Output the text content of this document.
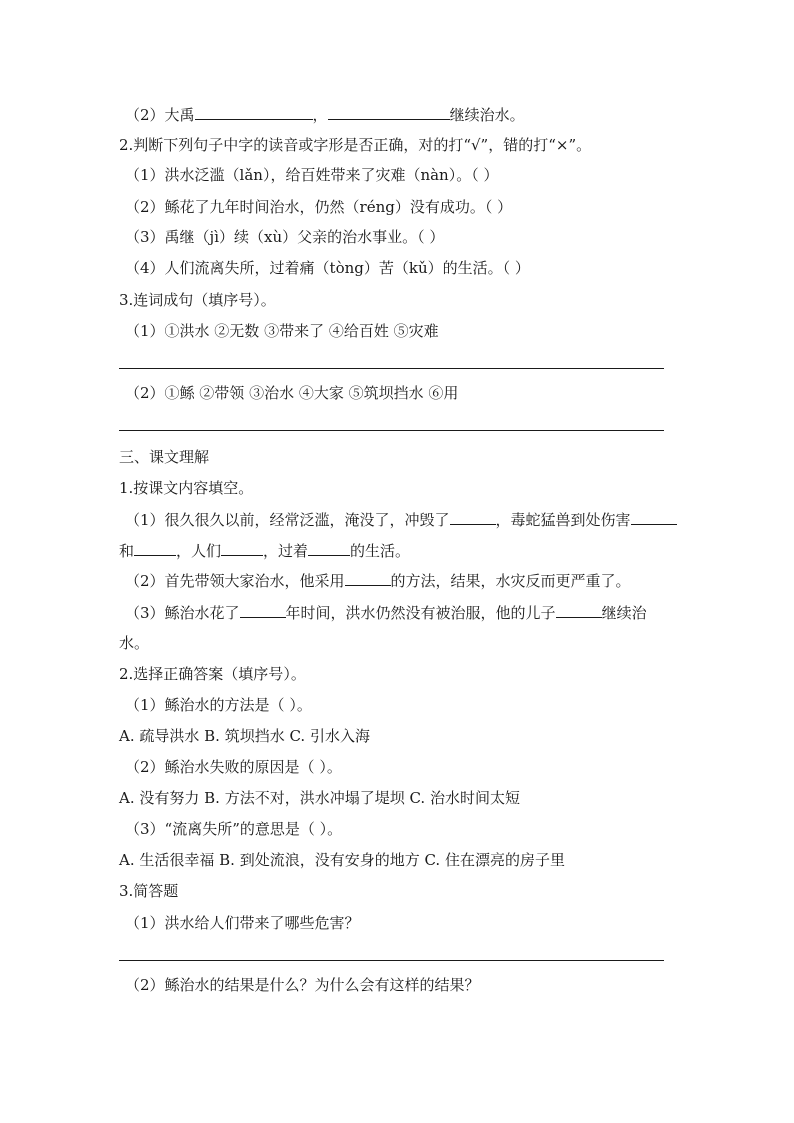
（2）大禹	，	继续治水。
2.判断下列句子中字的读音或字形是否正确，对的打“√”，错的打“×”。
（1）洪水泛滥（lǎn），给百姓带来了灾难（nàn）。（ ）
（2）鲧花了九年时间治水，仍然（réng）没有成功。（ ）
（3）禹继（jì）续（xù）父亲的治水事业。（ ）
（4）人们流离失所，过着痛（tòng）苦（kǔ）的生活。（ ）
3.连词成句（填序号）。
（1）①洪水 ②无数 ③带来了 ④给百姓 ⑤灾难
（2）①鲧 ②带领 ③治水 ④大家 ⑤筑坝挡水 ⑥用
三、课文理解
1.按课文内容填空。
（1）很久很久以前，经常泛滥，淹没了，冲毁了	，毒蛇猛兽到处伤害
和	，人们	，过着	的生活。
（2）首先带领大家治水，他采用	的方法，结果，水灾反而更严重了。
（3）鲧治水花了	年时间，洪水仍然没有被治服，他的儿子	继续治
水。
2.选择正确答案（填序号）。
（1）鲧治水的方法是（ ）。
A. 疏导洪水 B. 筑坝挡水 C. 引水入海
（2）鲧治水失败的原因是（ ）。
A. 没有努力 B. 方法不对，洪水冲塌了堤坝 C. 治水时间太短
（3）“流离失所”的意思是（ ）。
A. 生活很幸福 B. 到处流浪，没有安身的地方 C. 住在漂亮的房子里
3.简答题
（1）洪水给人们带来了哪些危害？
（2）鲧治水的结果是什么？为什么会有这样的结果？
